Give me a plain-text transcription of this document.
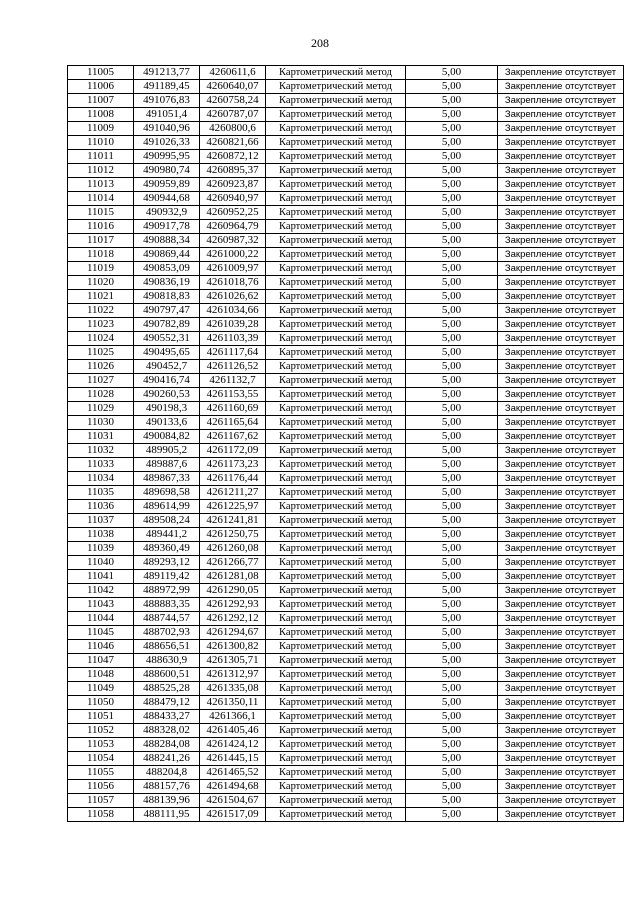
208
11005	491213,77	4260611,6	Картометрический метод	5,00	Закрепление отсутствует
11006	491189,45	4260640,07	Картометрический метод	5,00	Закрепление отсутствует
11007	491076,83	4260758,24	Картометрический метод	5,00	Закрепление отсутствует
11008	491051,4	4260787,07	Картометрический метод	5,00	Закрепление отсутствует
11009	491040,96	4260800,6	Картометрический метод	5,00	Закрепление отсутствует
11010	491026,33	4260821,66	Картометрический метод	5,00	Закрепление отсутствует
11011	490995,95	4260872,12	Картометрический метод	5,00	Закрепление отсутствует
11012	490980,74	4260895,37	Картометрический метод	5,00	Закрепление отсутствует
11013	490959,89	4260923,87	Картометрический метод	5,00	Закрепление отсутствует
11014	490944,68	4260940,97	Картометрический метод	5,00	Закрепление отсутствует
11015	490932,9	4260952,25	Картометрический метод	5,00	Закрепление отсутствует
11016	490917,78	4260964,79	Картометрический метод	5,00	Закрепление отсутствует
11017	490888,34	4260987,32	Картометрический метод	5,00	Закрепление отсутствует
11018	490869,44	4261000,22	Картометрический метод	5,00	Закрепление отсутствует
11019	490853,09	4261009,97	Картометрический метод	5,00	Закрепление отсутствует
11020	490836,19	4261018,76	Картометрический метод	5,00	Закрепление отсутствует
11021	490818,83	4261026,62	Картометрический метод	5,00	Закрепление отсутствует
11022	490797,47	4261034,66	Картометрический метод	5,00	Закрепление отсутствует
11023	490782,89	4261039,28	Картометрический метод	5,00	Закрепление отсутствует
11024	490552,31	4261103,39	Картометрический метод	5,00	Закрепление отсутствует
11025	490495,65	4261117,64	Картометрический метод	5,00	Закрепление отсутствует
11026	490452,7	4261126,52	Картометрический метод	5,00	Закрепление отсутствует
11027	490416,74	4261132,7	Картометрический метод	5,00	Закрепление отсутствует
11028	490260,53	4261153,55	Картометрический метод	5,00	Закрепление отсутствует
11029	490198,3	4261160,69	Картометрический метод	5,00	Закрепление отсутствует
11030	490133,6	4261165,64	Картометрический метод	5,00	Закрепление отсутствует
11031	490084,82	4261167,62	Картометрический метод	5,00	Закрепление отсутствует
11032	489905,2	4261172,09	Картометрический метод	5,00	Закрепление отсутствует
11033	489887,6	4261173,23	Картометрический метод	5,00	Закрепление отсутствует
11034	489867,33	4261176,44	Картометрический метод	5,00	Закрепление отсутствует
11035	489698,58	4261211,27	Картометрический метод	5,00	Закрепление отсутствует
11036	489614,99	4261225,97	Картометрический метод	5,00	Закрепление отсутствует
11037	489508,24	4261241,81	Картометрический метод	5,00	Закрепление отсутствует
11038	489441,2	4261250,75	Картометрический метод	5,00	Закрепление отсутствует
11039	489360,49	4261260,08	Картометрический метод	5,00	Закрепление отсутствует
11040	489293,12	4261266,77	Картометрический метод	5,00	Закрепление отсутствует
11041	489119,42	4261281,08	Картометрический метод	5,00	Закрепление отсутствует
11042	488972,99	4261290,05	Картометрический метод	5,00	Закрепление отсутствует
11043	488883,35	4261292,93	Картометрический метод	5,00	Закрепление отсутствует
11044	488744,57	4261292,12	Картометрический метод	5,00	Закрепление отсутствует
11045	488702,93	4261294,67	Картометрический метод	5,00	Закрепление отсутствует
11046	488656,51	4261300,82	Картометрический метод	5,00	Закрепление отсутствует
11047	488630,9	4261305,71	Картометрический метод	5,00	Закрепление отсутствует
11048	488600,51	4261312,97	Картометрический метод	5,00	Закрепление отсутствует
11049	488525,28	4261335,08	Картометрический метод	5,00	Закрепление отсутствует
11050	488479,12	4261350,11	Картометрический метод	5,00	Закрепление отсутствует
11051	488433,27	4261366,1	Картометрический метод	5,00	Закрепление отсутствует
11052	488328,02	4261405,46	Картометрический метод	5,00	Закрепление отсутствует
11053	488284,08	4261424,12	Картометрический метод	5,00	Закрепление отсутствует
11054	488241,26	4261445,15	Картометрический метод	5,00	Закрепление отсутствует
11055	488204,8	4261465,52	Картометрический метод	5,00	Закрепление отсутствует
11056	488157,76	4261494,68	Картометрический метод	5,00	Закрепление отсутствует
11057	488139,96	4261504,67	Картометрический метод	5,00	Закрепление отсутствует
11058	488111,95	4261517,09	Картометрический метод	5,00	Закрепление отсутствует
